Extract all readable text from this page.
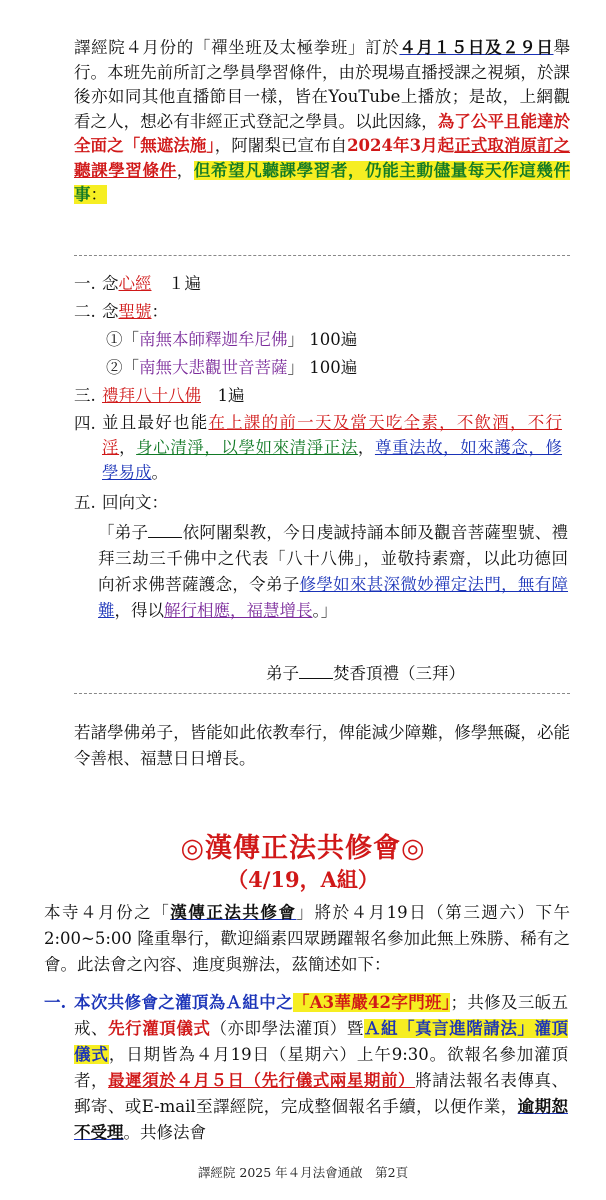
譯經院４月份的「禪坐班及太極拳班」訂於４月１５日及２９日舉行。本班先前所訂之學員學習條件，由於現場直播授課之視頻，於課後亦如同其他直播節目一樣，皆在YouTube上播放；是故，上網觀看之人，想必有非經正式登記之學員。以此因緣，為了公平且能達於全面之「無遮法施」，阿闍梨已宣布自2024年3月起正式取消原訂之聽課學習條件，但希望凡聽課學習者，仍能主動儘量每天作這幾件事：

一. 念心經　１遍
二. 念聖號：
①「南無本師釋迦牟尼佛」 100遍
②「南無大悲觀世音菩薩」 100遍
三. 禮拜八十八佛　1遍
四. 並且最好也能在上課的前一天及當天吃全素，不飲酒，不行淫，身心清淨，以學如來清淨正法，尊重法故，如來護念，修學易成。
五. 回向文：

「弟子 依阿闍梨教，今日虔誠持誦本師及觀音菩薩聖號、禮拜三劫三千佛中之代表「八十八佛」，並敬持素齋，以此功德回向祈求佛菩薩護念，令弟子修學如來甚深微妙禪定法門，無有障難，得以解行相應，福慧增長。」

弟子 焚香頂禮（三拜）

若諸學佛弟子，皆能如此依教奉行，俾能減少障難，修學無礙，必能令善根、福慧日日增長。

◎漢傳正法共修會◎
（4/19，A組）

本寺４月份之「漢傳正法共修會」將於４月19日（第三週六）下午 2:00~5:00 隆重舉行，歡迎緇素四眾踴躍報名參加此無上殊勝、稀有之會。此法會之內容、進度與辦法，茲簡述如下：

一. 本次共修會之灌頂為Ａ組中之「A3華嚴42字門班」；共修及三皈五戒、先行灌頂儀式（亦即學法灌頂）暨Ａ組「真言進階請法」灌頂儀式，日期皆為４月19日（星期六）上午9:30。欲報名參加灌頂者，最遲須於４月５日（先行儀式兩星期前）將請法報名表傳真、郵寄、或E-mail至譯經院，完成整個報名手續，以便作業，逾期恕不受理。共修法會
譯經院 2025 年４月法會通啟　第2頁
